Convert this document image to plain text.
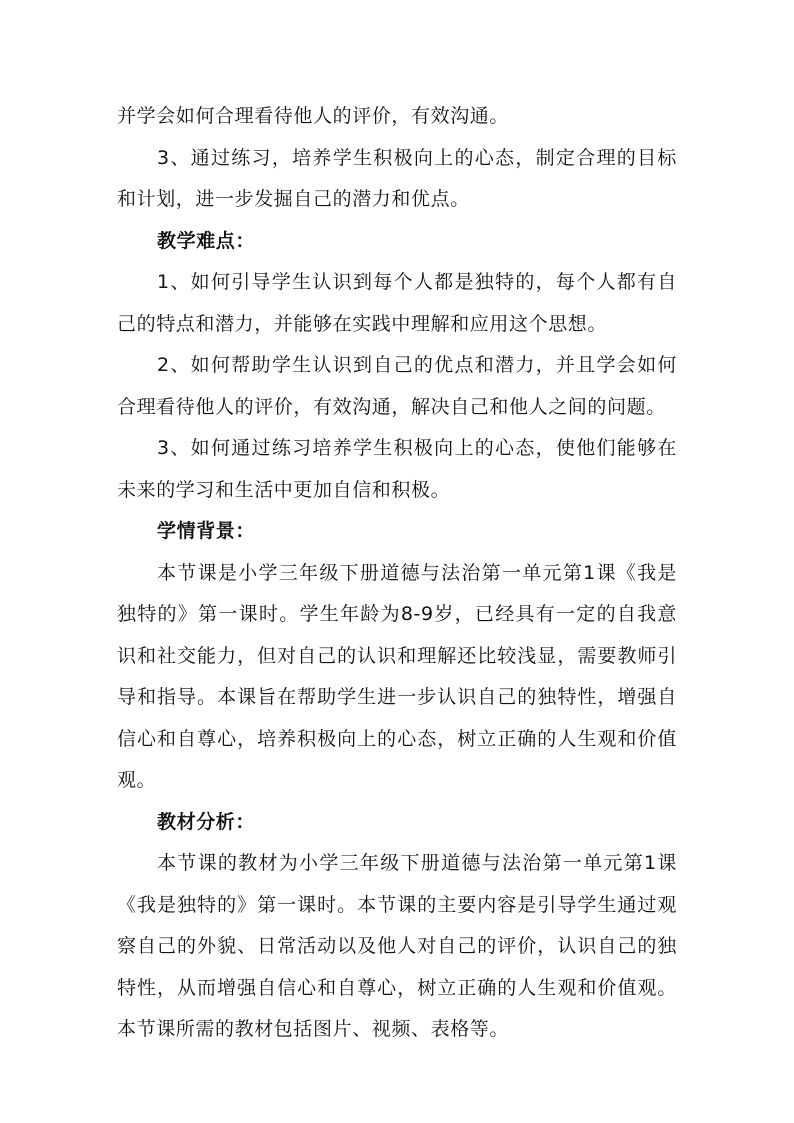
并学会如何合理看待他人的评价，有效沟通。

3、通过练习，培养学生积极向上的心态，制定合理的目标和计划，进一步发掘自己的潜力和优点。

教学难点：

1、如何引导学生认识到每个人都是独特的，每个人都有自己的特点和潜力，并能够在实践中理解和应用这个思想。

2、如何帮助学生认识到自己的优点和潜力，并且学会如何合理看待他人的评价，有效沟通，解决自己和他人之间的问题。

3、如何通过练习培养学生积极向上的心态，使他们能够在未来的学习和生活中更加自信和积极。

学情背景：

本节课是小学三年级下册道德与法治第一单元第1课《我是独特的》第一课时。学生年龄为8-9岁，已经具有一定的自我意识和社交能力，但对自己的认识和理解还比较浅显，需要教师引导和指导。本课旨在帮助学生进一步认识自己的独特性，增强自信心和自尊心，培养积极向上的心态，树立正确的人生观和价值观。

教材分析：

本节课的教材为小学三年级下册道德与法治第一单元第1课《我是独特的》第一课时。本节课的主要内容是引导学生通过观察自己的外貌、日常活动以及他人对自己的评价，认识自己的独特性，从而增强自信心和自尊心，树立正确的人生观和价值观。本节课所需的教材包括图片、视频、表格等。
